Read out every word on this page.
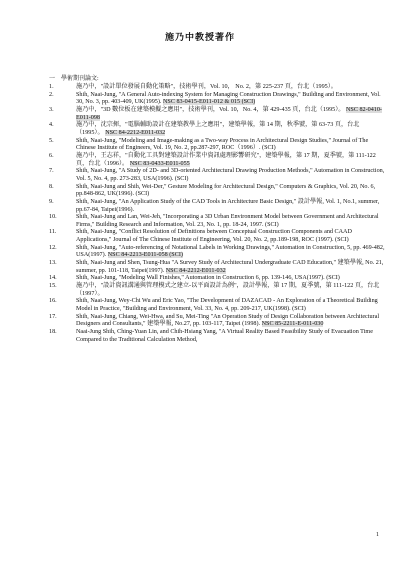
施乃中教授著作
一　學術期刊論文:
1.	施乃中，"設計單位發展自動化策略"，技術學刊，Vol. 10， No. 2，第 225-237 頁，台北（1995）。
2.	Shih, Naai-Jung, "A General Auto-indexing System for Managing Construction Drawings," Building and Environment, Vol. 30, No. 3, pp. 403-409, UK(1995). NSC 83-0415-E011-012 & 015 (SCI)
3.	施乃中，"3D 數位板在建築模擬之應用"，技術學刊，Vol. 10，No. 4，第 429-435 頁，台北（1995）。 NSC 82-0410-E011-098
4.	施乃中，沈宗揮，"電腦輔助設計在建築教學上之應用"，建築學報，第 14 期，秋季號，第 63-73 頁，台北（1995）。 NSC 84-2212-E011-032
5.	Shih, Naai-Jung, "Modeling and Image-making as a Two-way Process in Architectural Design Studies," Journal of The Chinese Institute of Engineers, Vol. 19, No. 2, pp.287-297, ROC（1996）. (SCI)
6.	施乃中，王志祥，"自動化工具對建築設計作業中資訊處理影響研究"，建築學報，第 17 期，夏季號，第 111-122 頁，台北（1996）。 NSC 83-0433-E011-055
7.	Shih, Naai-Jung, "A Study of 2D- and 3D-oriented Architectural Drawing Production Methods," Automation in Construction, Vol. 5, No. 4, pp. 273-283, USA(1996). (SCI)
8.	Shih, Naai-Jung and Shih, Wei-Der," Gesture Modeling for Architectural Design," Computers & Graphics, Vol. 20, No. 6, pp.848-862, UK(1996). (SCI)
9.	Shih, Naai-Jung, "An Application Study of the CAD Tools in Architecture Basic Design," 設計學報, Vol. 1, No.1, summer, pp.67-84, Taipei(1996).
10.	Shih, Naai-Jung and Lan, Wei-Jeh, "Incorporating a 3D Urban Environment Model between Government and Architectural Firms," Building Research and Information, Vol. 23, No. 1, pp. 18-24, 1997. (SCI)
11.	Shih, Naai-Jung, "Conflict Resolution of Definitions between Conceptual Construction Components and CAAD Applications," Journal of The Chinese Institute of Engineering, Vol. 20, No. 2, pp.189-198, ROC (1997). (SCI)
12.	Shih, Naai-Jung, "Auto-referencing of Notational Labels in Working Drawings," Automation in Construction, 5, pp. 469-482, USA(1997). NSC 84-2213-E011-058 (SCI)
13.	Shih, Naai-Jung and Shen, Tsung-Hua "A Survey Study of Architectural Undergraduate CAD Education," 建築學報, No. 21, summer, pp. 101-118, Taipei(1997). NSC 84-2212-E011-032
14.	Shih, Naai-Jung, "Modeling Wall Finishes," Automation in Construction 6, pp. 139-146, USA(1997). (SCI)
15.	施乃中，"設計資訊溝通與管理模式之建立-以平面設計為例"，設計學報，第 17 期，夏季號，第 111-122 頁，台北（1997）。
16.	Shih, Naai-Jung, Wey-Chi Wu and Eric Yao, "The Development of DAZACAD - An Exploration of a Theoretical Building Model in Practice, "Building and Environment, Vol. 33, No. 4, pp. 209-217, UK(1998). (SCI)
17.	Shih, Naai-Jung, Chiang, Wei-Hwa, and Su, Mei-Ting "An Operation Study of Design Collaboration between Architectural Designers and Consultants," 建築學報, No.27, pp. 103-117, Taipei (1998). NSC 85-2211-E-011-030
18.	Naai-Jung Shih, Ching-Yuan Lin, and Chih-Hsiang Yang, "A Virtual Reality Based Feasibility Study of Evacuation Time Compared to the Traditional Calculation Method,
1
